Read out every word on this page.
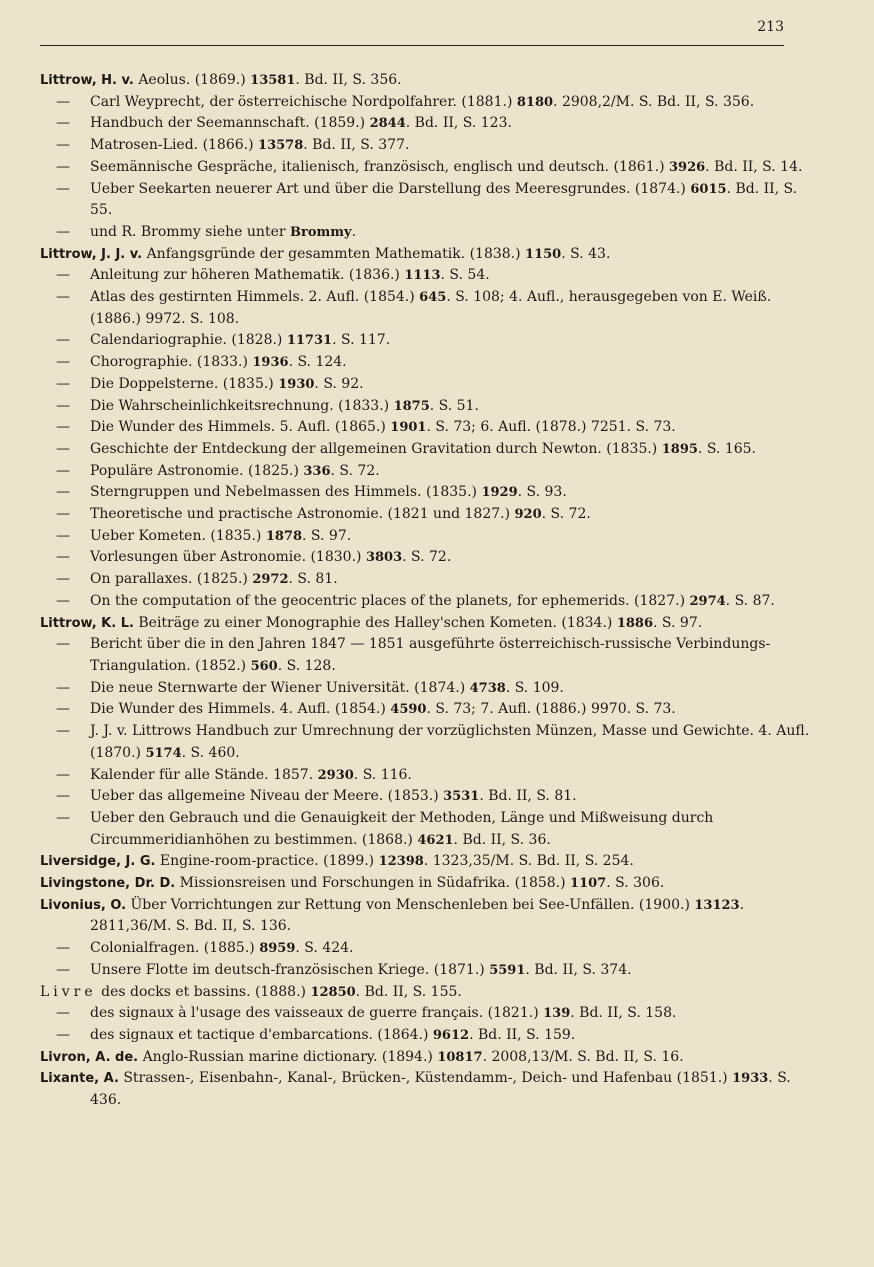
213

Littrow, H. v. Aeolus. (1869.) 13581. Bd. II, S. 356.

— Carl Weyprecht, der österreichische Nordpolfahrer. (1881.) 8180. 2908,2/M. S. Bd. II, S. 356.

— Handbuch der Seemannschaft. (1859.) 2844. Bd. II, S. 123.

— Matrosen-Lied. (1866.) 13578. Bd. II, S. 377.

— Seemännische Gespräche, italienisch, französisch, englisch und deutsch. (1861.) 3926. Bd. II, S. 14.

— Ueber Seekarten neuerer Art und über die Darstellung des Meeresgrundes. (1874.) 6015. Bd. II, S. 55.

— und R. Brommy siehe unter Brommy.

Littrow, J. J. v. Anfangsgründe der gesammten Mathematik. (1838.) 1150. S. 43.

— Anleitung zur höheren Mathematik. (1836.) 1113. S. 54.

— Atlas des gestirnten Himmels. 2. Aufl. (1854.) 645. S. 108; 4. Aufl., herausgegeben von E. Weiß. (1886.) 9972. S. 108.

— Calendariographie. (1828.) 11731. S. 117.

— Chorographie. (1833.) 1936. S. 124.

— Die Doppelsterne. (1835.) 1930. S. 92.

— Die Wahrscheinlichkeitsrechnung. (1833.) 1875. S. 51.

— Die Wunder des Himmels. 5. Aufl. (1865.) 1901. S. 73; 6. Aufl. (1878.) 7251. S. 73.

— Geschichte der Entdeckung der allgemeinen Gravitation durch Newton. (1835.) 1895. S. 165.

— Populäre Astronomie. (1825.) 336. S. 72.

— Sterngruppen und Nebelmassen des Himmels. (1835.) 1929. S. 93.

— Theoretische und practische Astronomie. (1821 und 1827.) 920. S. 72.

— Ueber Kometen. (1835.) 1878. S. 97.

— Vorlesungen über Astronomie. (1830.) 3803. S. 72.

— On parallaxes. (1825.) 2972. S. 81.

— On the computation of the geocentric places of the planets, for ephemerids. (1827.) 2974. S. 87.

Littrow, K. L. Beiträge zu einer Monographie des Halley'schen Kometen. (1834.) 1886. S. 97.

— Bericht über die in den Jahren 1847 — 1851 ausgeführte österreichisch-russische Verbindungs-Triangulation. (1852.) 560. S. 128.

— Die neue Sternwarte der Wiener Universität. (1874.) 4738. S. 109.

— Die Wunder des Himmels. 4. Aufl. (1854.) 4590. S. 73; 7. Aufl. (1886.) 9970. S. 73.

— J. J. v. Littrows Handbuch zur Umrechnung der vorzüglichsten Münzen, Masse und Gewichte. 4. Aufl. (1870.) 5174. S. 460.

— Kalender für alle Stände. 1857. 2930. S. 116.

— Ueber das allgemeine Niveau der Meere. (1853.) 3531. Bd. II, S. 81.

— Ueber den Gebrauch und die Genauigkeit der Methoden, Länge und Mißweisung durch Circummeridianhöhen zu bestimmen. (1868.) 4621. Bd. II, S. 36.

Liversidge, J. G. Engine-room-practice. (1899.) 12398. 1323,35/M. S. Bd. II, S. 254.

Livingstone, Dr. D. Missionsreisen und Forschungen in Südafrika. (1858.) 1107. S. 306.

Livonius, O. Über Vorrichtungen zur Rettung von Menschenleben bei See-Unfällen. (1900.) 13123. 2811,36/M. S. Bd. II, S. 136.

— Colonialfragen. (1885.) 8959. S. 424.

— Unsere Flotte im deutsch-französischen Kriege. (1871.) 5591. Bd. II, S. 374.

Livre des docks et bassins. (1888.) 12850. Bd. II, S. 155.

— des signaux à l'usage des vaisseaux de guerre français. (1821.) 139. Bd. II, S. 158.

— des signaux et tactique d'embarcations. (1864.) 9612. Bd. II, S. 159.

Livron, A. de. Anglo-Russian marine dictionary. (1894.) 10817. 2008,13/M. S. Bd. II, S. 16.

Lixante, A. Strassen-, Eisenbahn-, Kanal-, Brücken-, Küstendamm-, Deich- und Hafenbau (1851.) 1933. S. 436.
